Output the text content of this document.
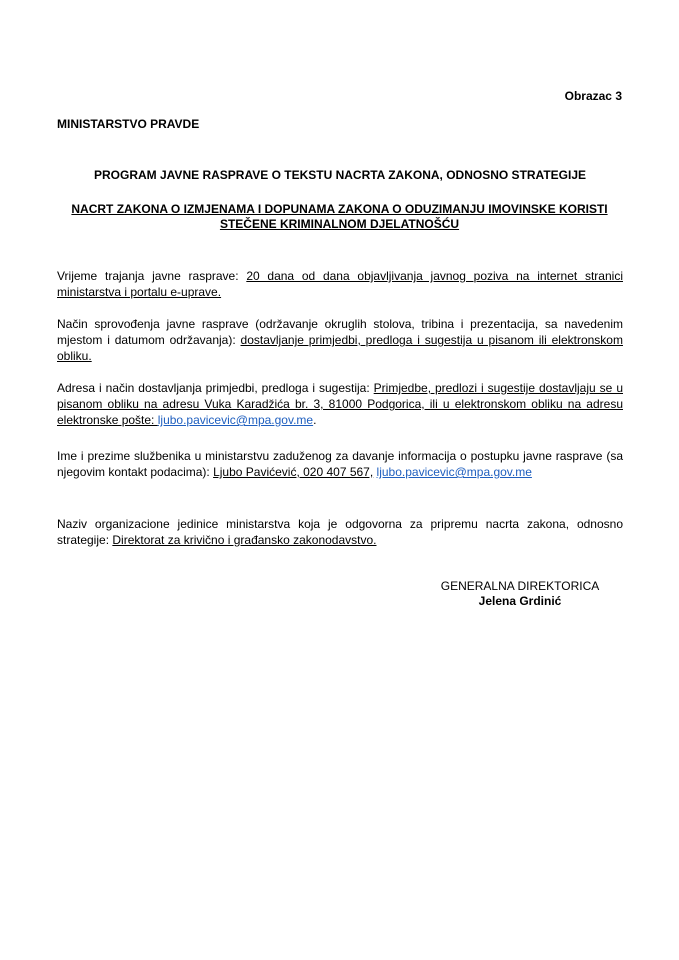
Obrazac 3
MINISTARSTVO PRAVDE
PROGRAM JAVNE RASPRAVE O TEKSTU NACRTA ZAKONA, ODNOSNO STRATEGIJE
NACRT ZAKONA O IZMJENAMA I DOPUNAMA ZAKONA O ODUZIMANJU IMOVINSKE KORISTI STEČENE KRIMINALNOM DJELATNOŠĆU
Vrijeme trajanja javne rasprave: 20 dana od dana objavljivanja javnog poziva na internet stranici ministarstva i portalu e-uprave.
Način sprovođenja javne rasprave (održavanje okruglih stolova, tribina i prezentacija, sa navedenim mjestom i datumom održavanja): dostavljanje primjedbi, predloga i sugestija u pisanom ili elektronskom obliku.
Adresa i način dostavljanja primjedbi, predloga i sugestija: Primjedbe, predlozi i sugestije dostavljaju se u pisanom obliku na adresu Vuka Karadžića br. 3, 81000 Podgorica, ili u elektronskom obliku na adresu elektronske pošte: ljubo.pavicevic@mpa.gov.me.
Ime i prezime službenika u ministarstvu zaduženog za davanje informacija o postupku javne rasprave (sa njegovim kontakt podacima): Ljubo Pavićević, 020 407 567, ljubo.pavicevic@mpa.gov.me
Naziv organizacione jedinice ministarstva koja je odgovorna za pripremu nacrta zakona, odnosno strategije: Direktorat za krivično i građansko zakonodavstvo.
GENERALNA DIREKTORICA
Jelena Grdinić
